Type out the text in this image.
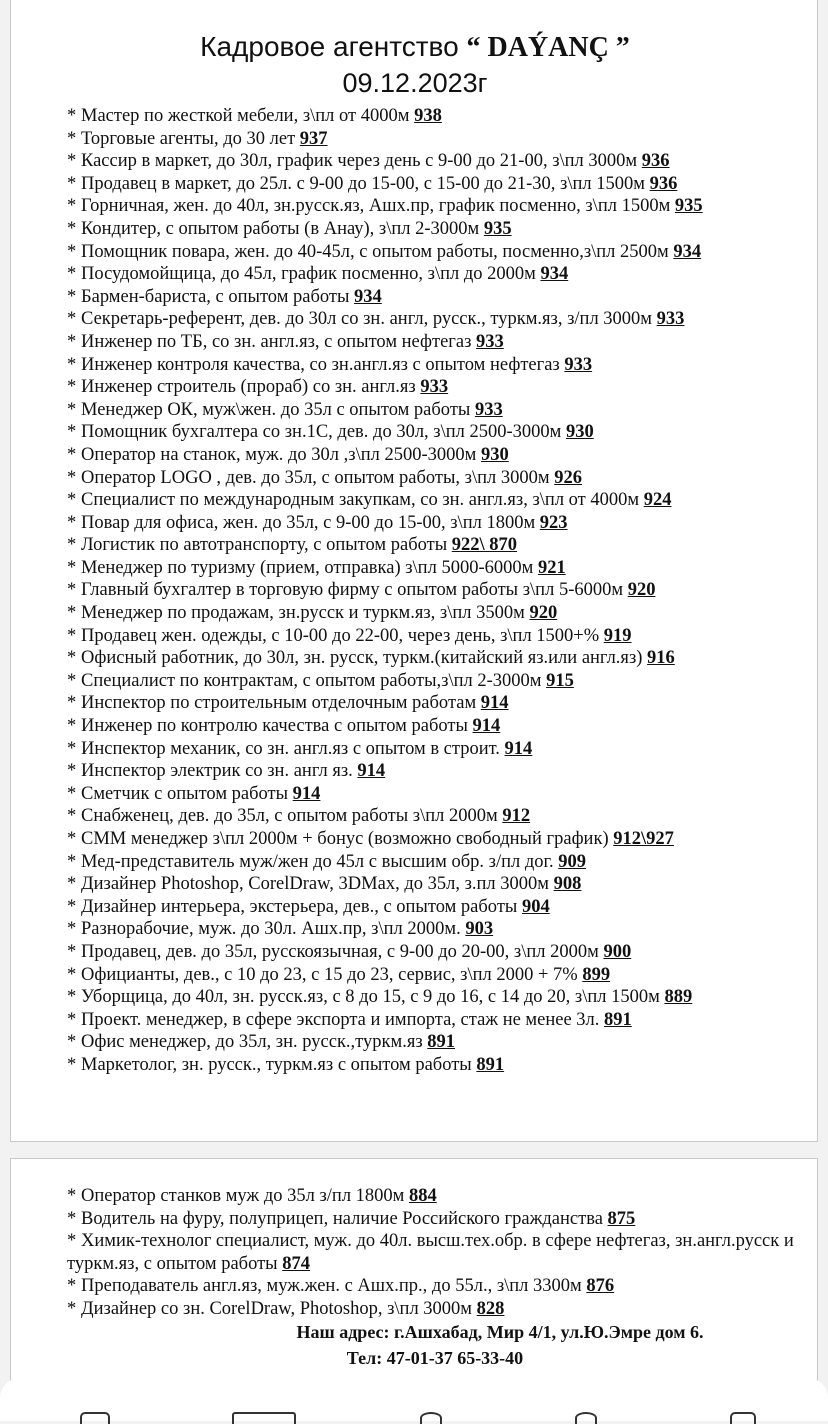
Кадровое агентство “ DAÝANÇ ”
09.12.2023г
* Мастер по жесткой мебели, з\пл от 4000м 938
* Торговые агенты, до 30 лет 937
* Кассир в маркет, до 30л, график через день с 9-00 до 21-00, з\пл 3000м 936
* Продавец в маркет, до 25л. с 9-00 до 15-00, с 15-00 до 21-30, з\пл 1500м 936
* Горничная, жен. до 40л, зн.русск.яз, Ашх.пр, график посменно, з\пл 1500м 935
* Кондитер, с опытом работы (в Анау), з\пл 2-3000м 935
* Помощник повара, жен. до 40-45л, с опытом работы, посменно,з\пл 2500м 934
* Посудомойщица, до 45л, график посменно, з\пл до 2000м 934
* Бармен-бариста, с опытом работы 934
* Секретарь-референт, дев. до 30л со зн. англ, русск., туркм.яз, з/пл 3000м 933
* Инженер по ТБ, со зн. англ.яз, с опытом нефтегаз 933
* Инженер контроля качества, со зн.англ.яз с опытом нефтегаз 933
* Инженер строитель (прораб) со зн. англ.яз 933
* Менеджер ОК, муж\жен. до 35л с опытом работы 933
* Помощник бухгалтера со зн.1С, дев. до 30л, з\пл 2500-3000м 930
* Оператор на станок, муж. до 30л ,з\пл 2500-3000м 930
* Оператор LOGO , дев. до 35л, с опытом работы, з\пл 3000м 926
* Специалист по международным закупкам, со зн. англ.яз, з\пл от 4000м 924
* Повар для офиса, жен. до 35л, с 9-00 до 15-00, з\пл 1800м 923
* Логистик по автотранспорту, с опытом работы 922\ 870
* Менеджер по туризму (прием, отправка) з\пл 5000-6000м 921
* Главный бухгалтер в торговую фирму с опытом работы з\пл 5-6000м 920
* Менеджер по продажам, зн.русск и туркм.яз, з\пл 3500м 920
* Продавец жен. одежды, с 10-00 до 22-00, через день, з\пл 1500+% 919
* Офисный работник, до 30л, зн. русск, туркм.(китайский яз.или англ.яз) 916
* Специалист по контрактам, с опытом работы,з\пл 2-3000м 915
* Инспектор по строительным отделочным работам 914
* Инженер по контролю качества с опытом работы 914
* Инспектор механик, со зн. англ.яз с опытом в строит. 914
* Инспектор электрик со зн. англ яз. 914
* Сметчик с опытом работы 914
* Снабженец, дев. до 35л, с опытом работы з\пл 2000м 912
* СММ менеджер з\пл 2000м + бонус (возможно свободный график) 912\927
* Мед-представитель муж/жен до 45л с высшим обр. з/пл дог. 909
* Дизайнер Photoshop, CorelDraw, 3DMax, до 35л, з.пл 3000м 908
* Дизайнер интерьера, экстерьера, дев., с опытом работы 904
* Разнорабочие, муж. до 30л. Ашх.пр, з\пл 2000м. 903
* Продавец, дев. до 35л, русскоязычная, с 9-00 до 20-00, з\пл 2000м 900
* Официанты, дев., с 10 до 23, с 15 до 23, сервис, з\пл 2000 + 7% 899
* Уборщица, до 40л, зн. русск.яз, с 8 до 15, с 9 до 16, с 14 до 20, з\пл 1500м 889
* Проект. менеджер, в сфере экспорта и импорта, стаж не менее 3л. 891
* Офис менеджер, до 35л, зн. русск.,туркм.яз 891
* Маркетолог, зн. русск., туркм.яз с опытом работы 891
* Оператор станков муж до 35л з/пл 1800м 884
* Водитель на фуру, полуприцеп, наличие Российского гражданства 875
* Химик-технолог специалист, муж. до 40л. высш.тех.обр. в сфере нефтегаз, зн.англ.русск и туркм.яз, с опытом работы 874
* Преподаватель англ.яз, муж.жен. с Ашх.пр., до 55л., з\пл 3300м 876
* Дизайнер со зн. CorelDraw, Photoshop, з\пл 3000м 828
Наш адрес: г.Ашхабад, Мир 4/1, ул.Ю.Эмре дом 6.
Тел: 47-01-37 65-33-40
